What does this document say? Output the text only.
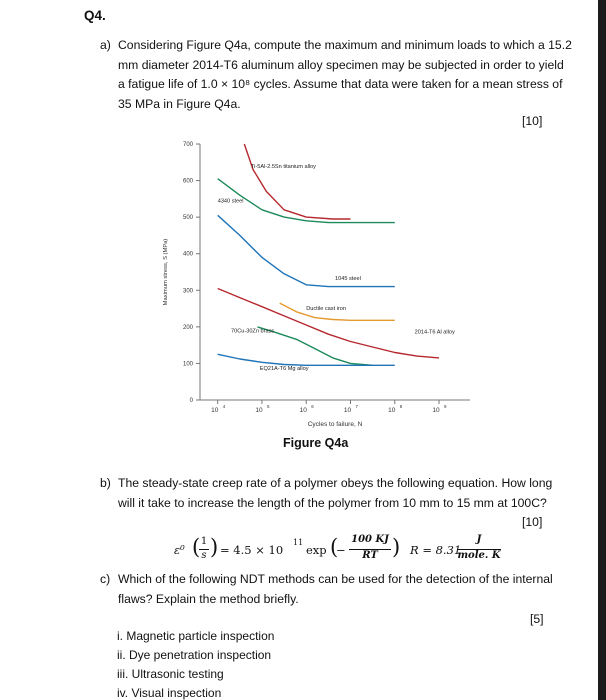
Q4.
a) Considering Figure Q4a, compute the maximum and minimum loads to which a 15.2
mm diameter 2014-T6 aluminum alloy specimen may be subjected in order to yield
a fatigue life of 1.0 × 10⁸ cycles. Assume that data were taken for a mean stress of
35 MPa in Figure Q4a.
[10]
0
100
200
300
400
500
600
700
10
4
10
5
10
6
10
7
10
8
10
9
Cycles to failure, N
Maximum stress, S (MPa)
Ti-5Al-2.5Sn titanium alloy
4340 steel
1045 steel
Ductile cast iron
2014-T6 Al alloy
70Cu-30Zn brass
EQ21A-T6 Mg alloy
Figure Q4a
b) The steady-state creep rate of a polymer obeys the following equation. How long
will it take to increase the length of the polymer from 10 mm to 15 mm at 100C?
[10]
ε⁰ ( 1
s ) = 4.5 × 10
11
exp (
−
100 KJ
RT ) R = 8.31
J
mole. K
c) Which of the following NDT methods can be used for the detection of the internal
flaws? Explain the method briefly.
[5]
i. Magnetic particle inspection
ii. Dye penetration inspection
iii. Ultrasonic testing
iv. Visual inspection
